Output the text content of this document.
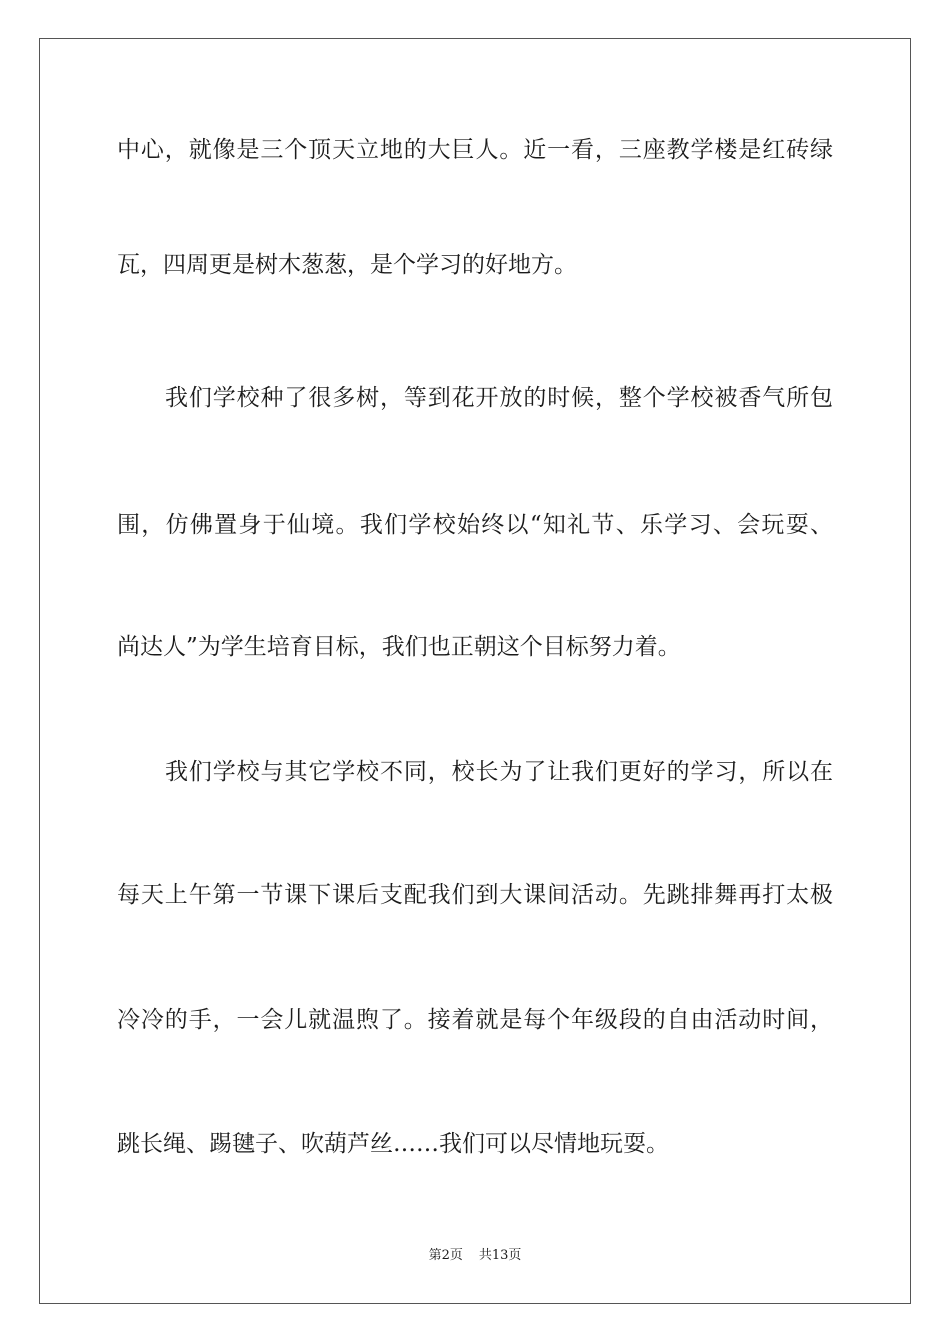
中心，就像是三个顶天立地的大巨人。近一看，三座教学楼是红砖绿
瓦，四周更是树木葱葱，是个学习的好地方。
我们学校种了很多树，等到花开放的时候，整个学校被香气所包
围，仿佛置身于仙境。我们学校始终以“知礼节、乐学习、会玩耍、
尚达人”为学生培育目标，我们也正朝这个目标努力着。
我们学校与其它学校不同，校长为了让我们更好的学习，所以在
每天上午第一节课下课后支配我们到大课间活动。先跳排舞再打太极
冷冷的手，一会儿就温煦了。接着就是每个年级段的自由活动时间，
跳长绳、踢毽子、吹葫芦丝……我们可以尽情地玩耍。
第2页 共13页
